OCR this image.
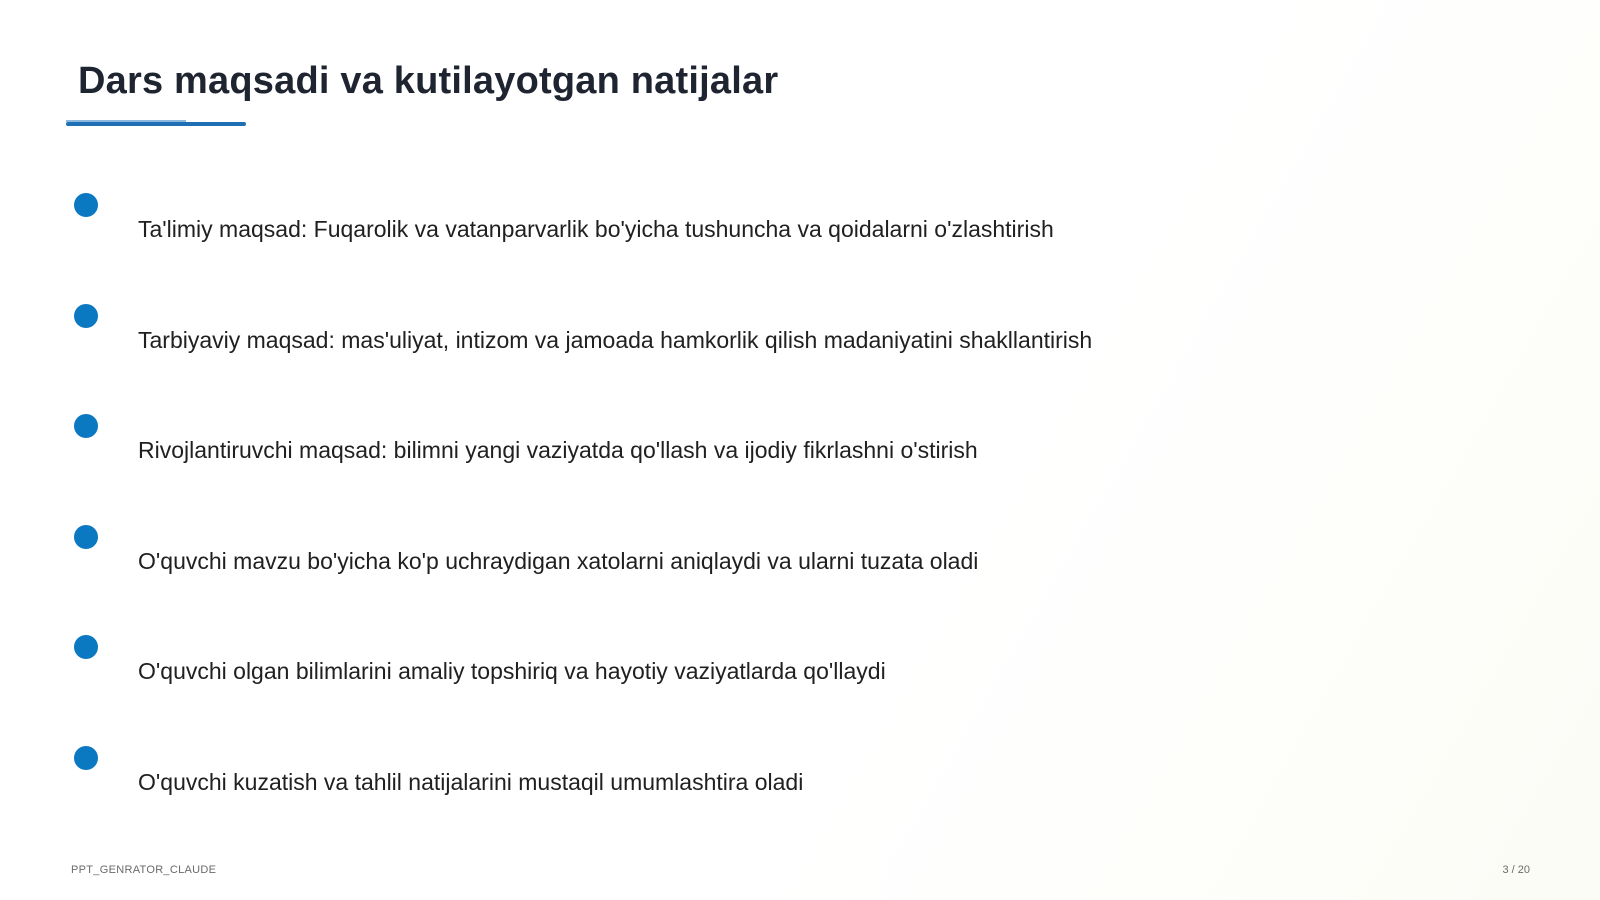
Dars maqsadi va kutilayotgan natijalar
Ta'limiy maqsad: Fuqarolik va vatanparvarlik bo'yicha tushuncha va qoidalarni o'zlashtirish
Tarbiyaviy maqsad: mas'uliyat, intizom va jamoada hamkorlik qilish madaniyatini shakllantirish
Rivojlantiruvchi maqsad: bilimni yangi vaziyatda qo'llash va ijodiy fikrlashni o'stirish
O'quvchi mavzu bo'yicha ko'p uchraydigan xatolarni aniqlaydi va ularni tuzata oladi
O'quvchi olgan bilimlarini amaliy topshiriq va hayotiy vaziyatlarda qo'llaydi
O'quvchi kuzatish va tahlil natijalarini mustaqil umumlashtira oladi
PPT_GENRATOR_CLAUDE	3 / 20
